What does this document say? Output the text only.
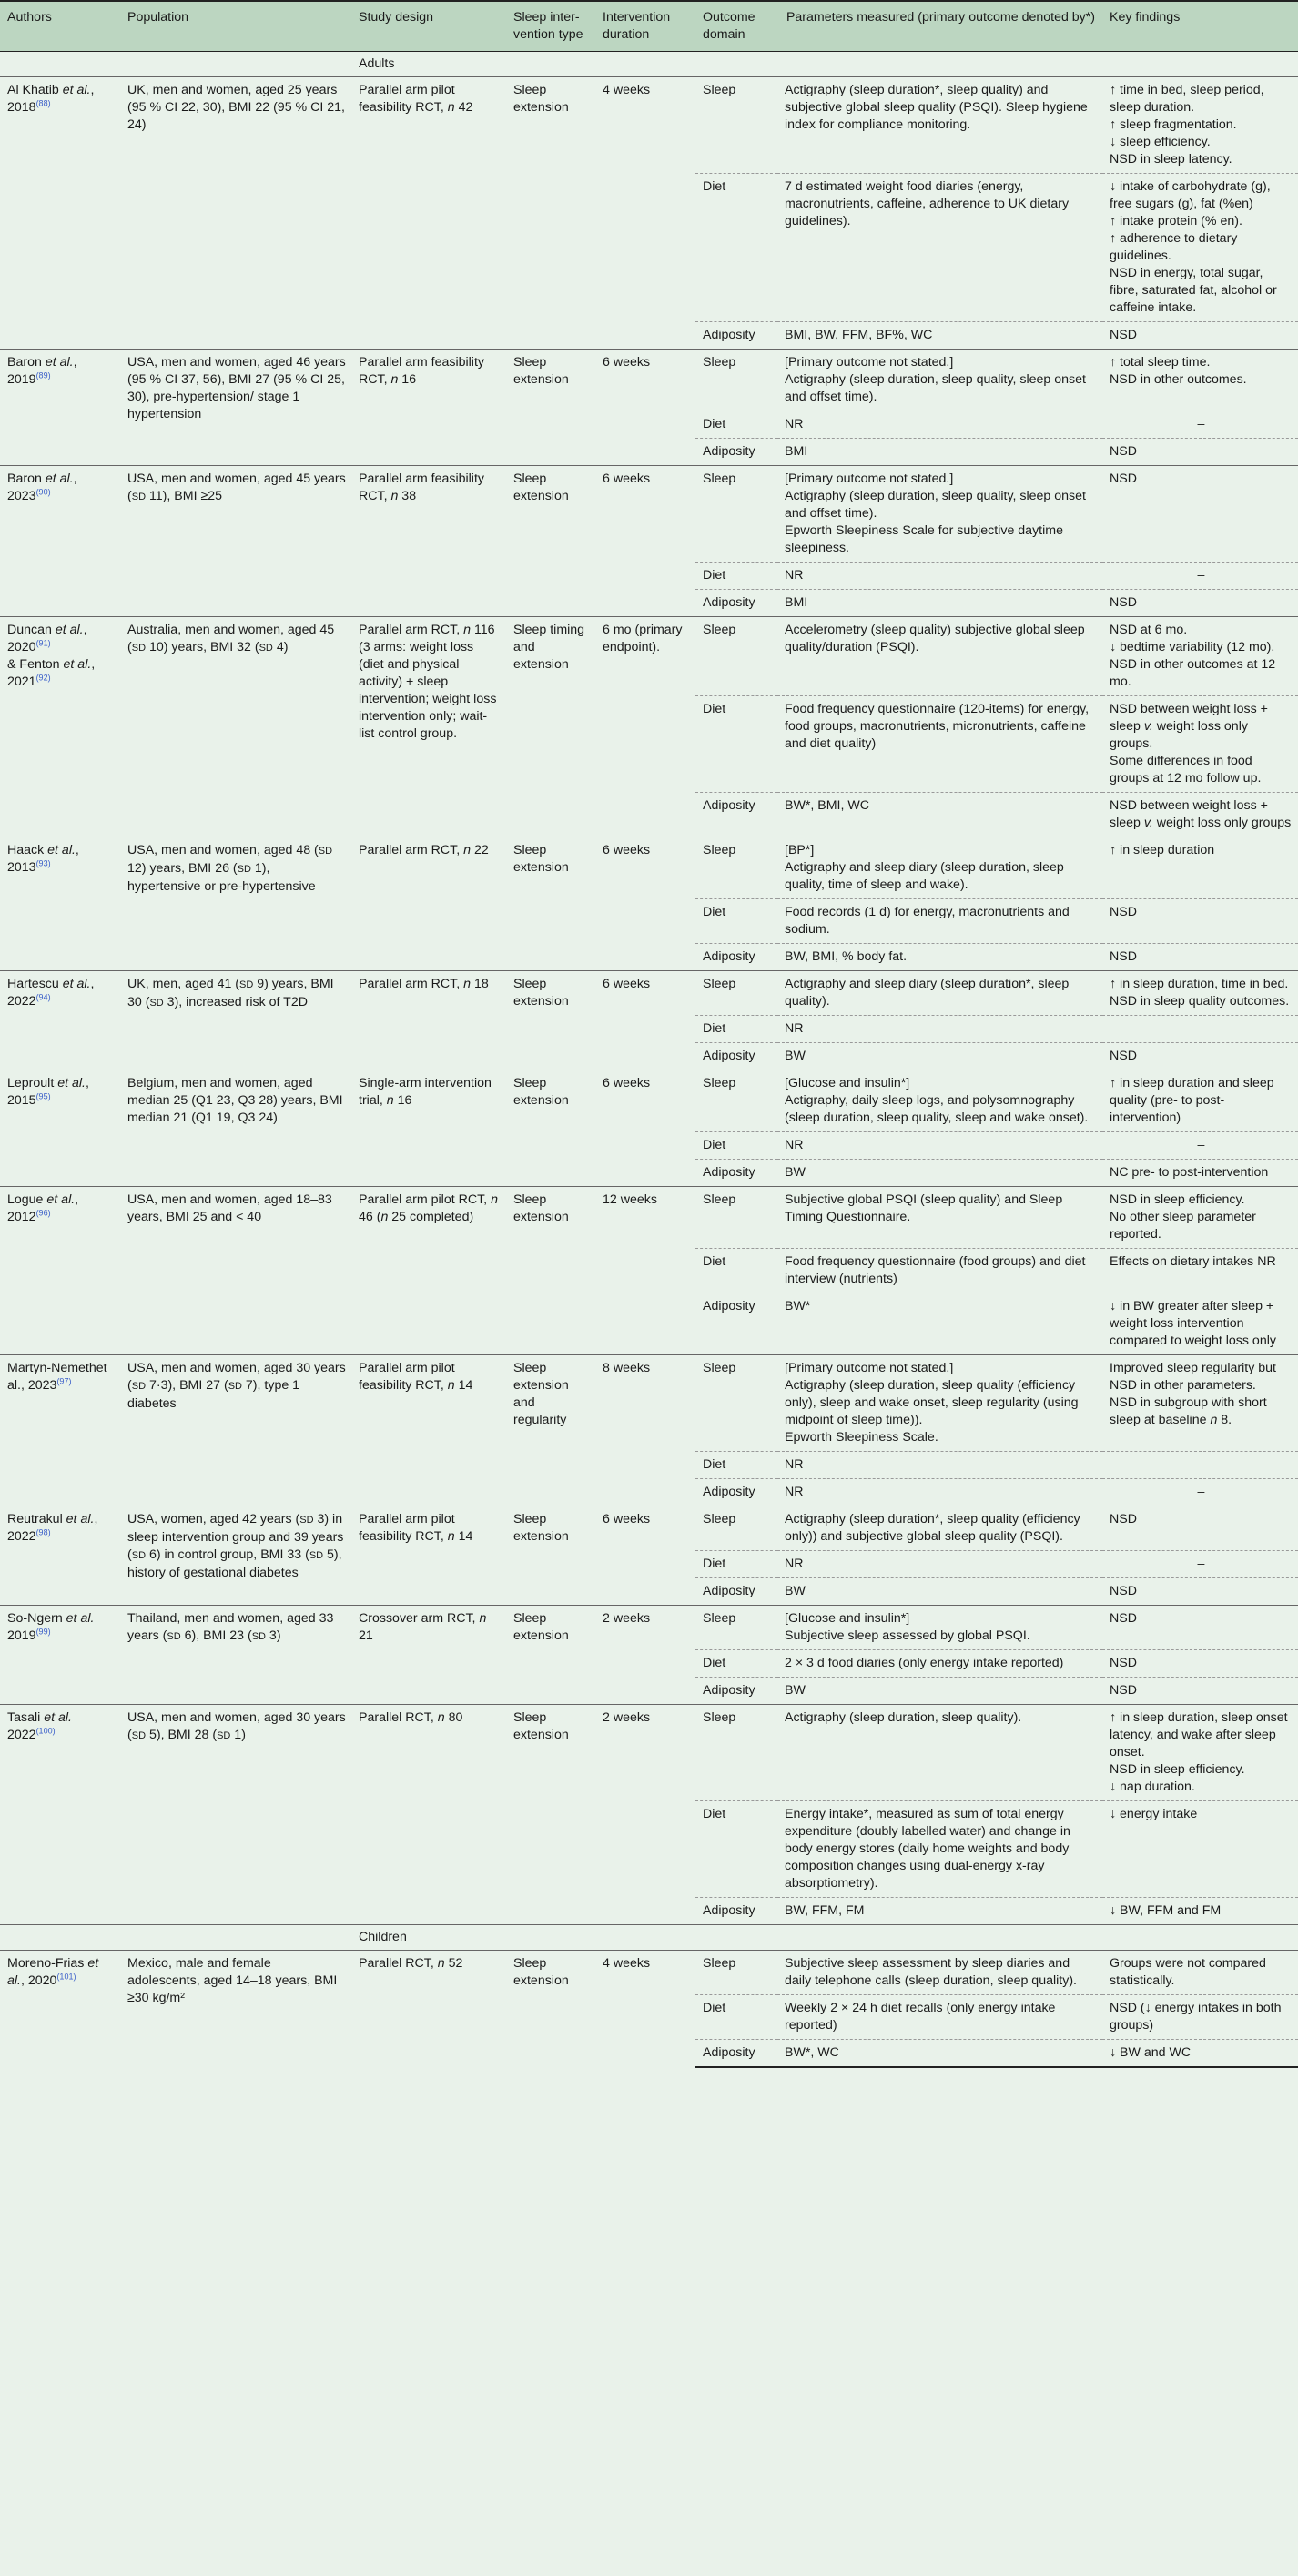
Authors	Population	Study design	Sleep inter-vention type	Intervention duration	Outcome domain	Parameters measured (primary outcome denoted by*)	Key findings
		Adults					
Al Khatib et al., 2018$^{(88)}$	UK, men and women, aged 25 years (95 % CI 22, 30), BMI 22 (95 % CI 21, 24)	Parallel arm pilot feasibility RCT, n 42	Sleep extension	4 weeks	Sleep	Actigraphy (sleep duration*, sleep quality) and subjective global sleep quality (PSQI). Sleep hygiene index for compliance monitoring.	↑ time in bed, sleep period, sleep duration.
↑ sleep fragmentation.
↓ sleep efficiency.
NSD in sleep latency.
					Diet	7 d estimated weight food diaries (energy, macronutrients, caffeine, adherence to UK dietary guidelines).	↓ intake of carbohydrate (g), free sugars (g), fat (%en)
↑ intake protein (% en).
↑ adherence to dietary guidelines.
NSD in energy, total sugar, fibre, saturated fat, alcohol or caffeine intake.
					Adiposity	BMI, BW, FFM, BF%, WC	NSD
Baron et al., 2019$^{(89)}$	USA, men and women, aged 46 years (95 % CI 37, 56), BMI 27 (95 % CI 25, 30), pre-hypertension/ stage 1 hypertension	Parallel arm feasibility RCT, n 16	Sleep extension	6 weeks	Sleep	[Primary outcome not stated.]
Actigraphy (sleep duration, sleep quality, sleep onset and offset time).	↑ total sleep time.
NSD in other outcomes.
					Diet	NR	–
					Adiposity	BMI	NSD
Baron et al., 2023$^{(90)}$	USA, men and women, aged 45 years (SD 11), BMI ≥25	Parallel arm feasibility RCT, n 38	Sleep extension	6 weeks	Sleep	[Primary outcome not stated.]
Actigraphy (sleep duration, sleep quality, sleep onset and offset time).
Epworth Sleepiness Scale for subjective daytime sleepiness.	NSD
					Diet	NR	–
					Adiposity	BMI	NSD
Duncan et al., 2020$^{(91)}$
& Fenton et al., 2021$^{(92)}$	Australia, men and women, aged 45 (SD 10) years, BMI 32 (SD 4)	Parallel arm RCT, n 116 (3 arms: weight loss (diet and physical activity) + sleep intervention; weight loss intervention only; wait-list control group.	Sleep timing and extension	6 mo (primary endpoint).	Sleep	Accelerometry (sleep quality) subjective global sleep quality/duration (PSQI).	NSD at 6 mo.
↓ bedtime variability (12 mo).
NSD in other outcomes at 12 mo.
					Diet	Food frequency questionnaire (120-items) for energy, food groups, macronutrients, micronutrients, caffeine and diet quality)	NSD between weight loss + sleep v. weight loss only groups.
Some differences in food groups at 12 mo follow up.
					Adiposity	BW*, BMI, WC	NSD between weight loss + sleep v. weight loss only groups
Haack et al., 2013$^{(93)}$	USA, men and women, aged 48 (SD 12) years, BMI 26 (SD 1), hypertensive or pre-hypertensive	Parallel arm RCT, n 22	Sleep extension	6 weeks	Sleep	[BP*]
Actigraphy and sleep diary (sleep duration, sleep quality, time of sleep and wake).	↑ in sleep duration
					Diet	Food records (1 d) for energy, macronutrients and sodium.	NSD
					Adiposity	BW, BMI, % body fat.	NSD
Hartescu et al., 2022$^{(94)}$	UK, men, aged 41 (SD 9) years, BMI 30 (SD 3), increased risk of T2D	Parallel arm RCT, n 18	Sleep extension	6 weeks	Sleep	Actigraphy and sleep diary (sleep duration*, sleep quality).	↑ in sleep duration, time in bed.
NSD in sleep quality outcomes.
					Diet	NR	–
					Adiposity	BW	NSD
Leproult et al., 2015$^{(95)}$	Belgium, men and women, aged median 25 (Q1 23, Q3 28) years, BMI median 21 (Q1 19, Q3 24)	Single-arm intervention trial, n 16	Sleep extension	6 weeks	Sleep	[Glucose and insulin*]
Actigraphy, daily sleep logs, and polysomnography (sleep duration, sleep quality, sleep and wake onset).	↑ in sleep duration and sleep quality (pre- to post-intervention)
					Diet	NR	–
					Adiposity	BW	NC pre- to post-intervention
Logue et al., 2012$^{(96)}$	USA, men and women, aged 18–83 years, BMI 25 and < 40	Parallel arm pilot RCT, n 46 (n 25 completed)	Sleep extension	12 weeks	Sleep	Subjective global PSQI (sleep quality) and Sleep Timing Questionnaire.	NSD in sleep efficiency.
No other sleep parameter reported.
					Diet	Food frequency questionnaire (food groups) and diet interview (nutrients)	Effects on dietary intakes NR
					Adiposity	BW*	↓ in BW greater after sleep + weight loss intervention compared to weight loss only
Martyn-Nemethet al., 2023$^{(97)}$	USA, men and women, aged 30 years (SD 7·3), BMI 27 (SD 7), type 1 diabetes	Parallel arm pilot feasibility RCT, n 14	Sleep extension and regularity	8 weeks	Sleep	[Primary outcome not stated.]
Actigraphy (sleep duration, sleep quality (efficiency only), sleep and wake onset, sleep regularity (using midpoint of sleep time)).
Epworth Sleepiness Scale.	Improved sleep regularity but NSD in other parameters.
NSD in subgroup with short sleep at baseline n 8.
					Diet	NR	–
					Adiposity	NR	–
Reutrakul et al., 2022$^{(98)}$	USA, women, aged 42 years (SD 3) in sleep intervention group and 39 years (SD 6) in control group, BMI 33 (SD 5), history of gestational diabetes	Parallel arm pilot feasibility RCT, n 14	Sleep extension	6 weeks	Sleep	Actigraphy (sleep duration*, sleep quality (efficiency only)) and subjective global sleep quality (PSQI).	NSD
					Diet	NR	–
					Adiposity	BW	NSD
So-Ngern et al. 2019$^{(99)}$	Thailand, men and women, aged 33 years (SD 6), BMI 23 (SD 3)	Crossover arm RCT, n 21	Sleep extension	2 weeks	Sleep	[Glucose and insulin*]
Subjective sleep assessed by global PSQI.	NSD
					Diet	2 × 3 d food diaries (only energy intake reported)	NSD
					Adiposity	BW	NSD
Tasali et al. 2022$^{(100)}$	USA, men and women, aged 30 years (SD 5), BMI 28 (SD 1)	Parallel RCT, n 80	Sleep extension	2 weeks	Sleep	Actigraphy (sleep duration, sleep quality).	↑ in sleep duration, sleep onset latency, and wake after sleep onset.
NSD in sleep efficiency.
↓ nap duration.
					Diet	Energy intake*, measured as sum of total energy expenditure (doubly labelled water) and change in body energy stores (daily home weights and body composition changes using dual-energy x-ray absorptiometry).	↓ energy intake
					Adiposity	BW, FFM, FM	↓ BW, FFM and FM
		Children					
Moreno-Frias et al., 2020$^{(101)}$	Mexico, male and female adolescents, aged 14–18 years, BMI ≥30 kg/m²	Parallel RCT, n 52	Sleep extension	4 weeks	Sleep	Subjective sleep assessment by sleep diaries and daily telephone calls (sleep duration, sleep quality).	Groups were not compared statistically.
					Diet	Weekly 2 × 24 h diet recalls (only energy intake reported)	NSD (↓ energy intakes in both groups)
					Adiposity	BW*, WC	↓ BW and WC
